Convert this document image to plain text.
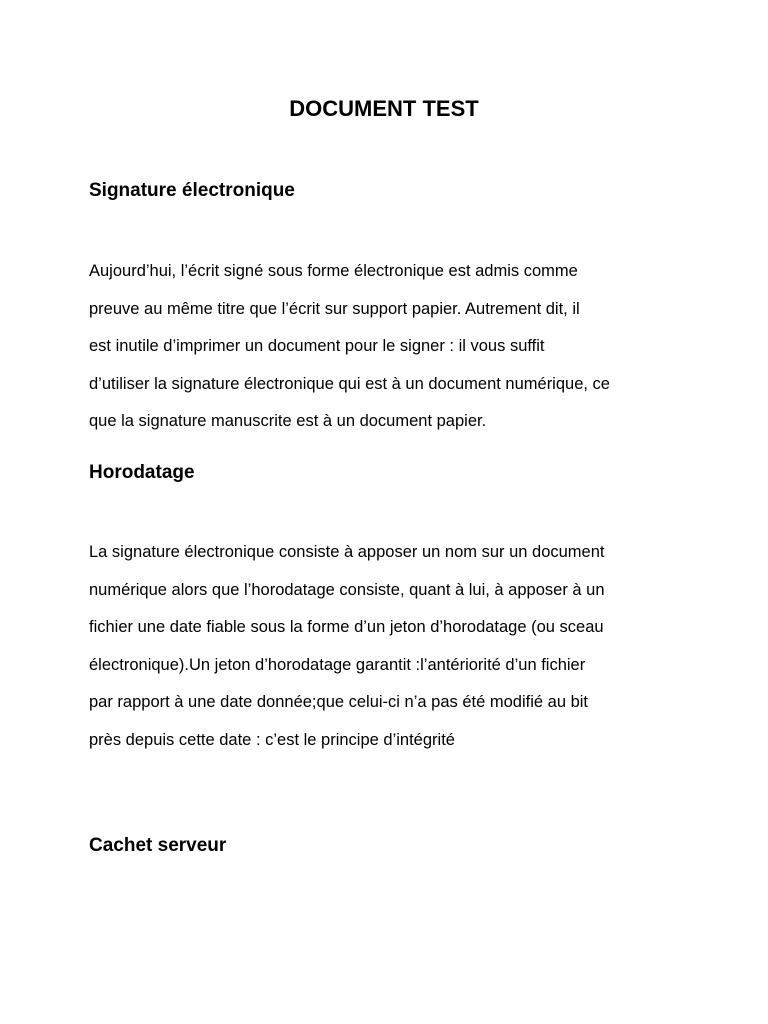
DOCUMENT TEST
Signature électronique
Aujourd’hui, l’écrit signé sous forme électronique est admis comme
preuve au même titre que l’écrit sur support papier. Autrement dit, il
est inutile d’imprimer un document pour le signer : il vous suffit
d’utiliser la signature électronique qui est à un document numérique, ce
que la signature manuscrite est à un document papier.
Horodatage
La signature électronique consiste à apposer un nom sur un document
numérique alors que l’horodatage consiste, quant à lui, à apposer à un
fichier une date fiable sous la forme d’un jeton d’horodatage (ou sceau
électronique).Un jeton d’horodatage garantit :l’antériorité d’un fichier
par rapport à une date donnée;que celui-ci n’a pas été modifié au bit
près depuis cette date : c’est le principe d’intégrité
Cachet serveur
